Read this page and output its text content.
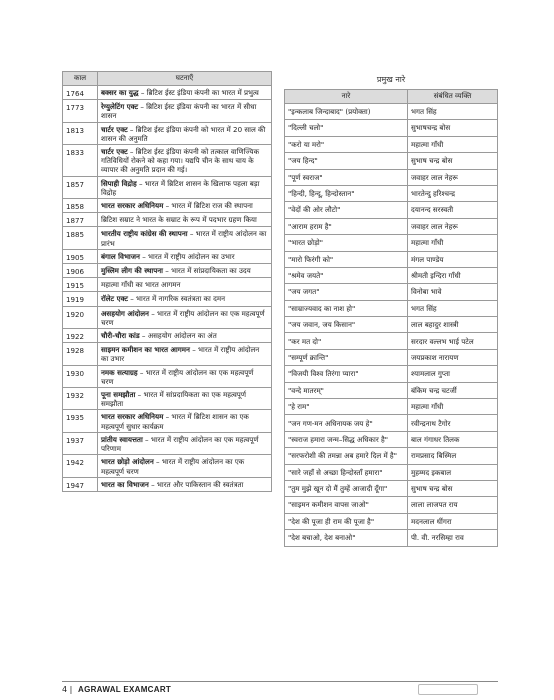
काल	घटनाएँ
1764	बक्सर का युद्ध – ब्रिटिश ईस्ट इंडिया कंपनी का भारत में प्रभुत्व
1773	रेग्युलेटिंग एक्ट – ब्रिटिश ईस्ट इंडिया कंपनी का भारत में सीधा शासन
1813	चार्टर एक्ट – ब्रिटिश ईस्ट इंडिया कंपनी को भारत में 20 साल की शासन की अनुमति
1833	चार्टर एक्ट – ब्रिटिश ईस्ट इंडिया कंपनी को तत्काल वाणिज्यिक गतिविधियों रोकने को कहा गया। यद्यपि चीन के साथ चाय के व्यापार की अनुमति प्रदान की गई।
1857	सिपाही विद्रोह – भारत में ब्रिटिश शासन के खिलाफ पहला बड़ा विद्रोह
1858	भारत सरकार अधिनियम – भारत में ब्रिटिश राज की स्थापना
1877	ब्रिटिश सम्राट ने भारत के सम्राट के रूप में पदभार ग्रहण किया
1885	भारतीय राष्ट्रीय कांग्रेस की स्थापना – भारत में राष्ट्रीय आंदोलन का प्रारंभ
1905	बंगाल विभाजन – भारत में राष्ट्रीय आंदोलन का उभार
1906	मुस्लिम लीग की स्थापना – भारत में सांप्रदायिकता का उदय
1915	महात्मा गाँधी का भारत आगमन
1919	रॉलेट एक्ट – भारत में नागरिक स्वतंत्रता का दमन
1920	असहयोग आंदोलन – भारत में राष्ट्रीय आंदोलन का एक महत्वपूर्ण चरण
1922	चौरी-चौरा कांड – असहयोग आंदोलन का अंत
1928	साइमन कमीशन का भारत आगमन – भारत में राष्ट्रीय आंदोलन का उभार
1930	नमक सत्याग्रह – भारत में राष्ट्रीय आंदोलन का एक महत्वपूर्ण चरण
1932	पूना समझौता – भारत में सांप्रदायिकता का एक महत्वपूर्ण समझौता
1935	भारत सरकार अधिनियम – भारत में ब्रिटिश शासन का एक महत्वपूर्ण सुधार कार्यक्रम
1937	प्रांतीय स्वायत्तता – भारत में राष्ट्रीय आंदोलन का एक महत्वपूर्ण परिणाम
1942	भारत छोड़ो आंदोलन – भारत में राष्ट्रीय आंदोलन का एक महत्वपूर्ण चरण
1947	भारत का विभाजन – भारत और पाकिस्तान की स्वतंत्रता
प्रमुख नारे
नारे	संबंधित व्यक्ति
"इन्कलाब जिन्दाबाद" (प्रयोक्ता)	भगत सिंह
"दिल्ली चलो"	सुभाषचन्द्र बोस
"करो या मरो"	महात्मा गाँधी
"जय हिन्द"	सुभाष चन्द्र बोस
"पूर्ण स्वराज"	जवाहर लाल नेहरू
"हिन्दी, हिन्दू, हिन्दोस्तान"	भारतेन्दु हरिश्चन्द्र
"वेदों की ओर लौटो"	दयानन्द सरस्वती
"आराम हराम है"	जवाहर लाल नेहरू
"भारत छोड़ो"	महात्मा गाँधी
"मारो फिरंगी को"	मंगल पाण्डेय
"श्रमेव जयते"	श्रीमती इन्दिरा गाँधी
"जय जगत"	विनोबा भावे
"साम्राज्यवाद का नाश हो"	भगत सिंह
"जय जवान, जय किसान"	लाल बहादुर शास्त्री
"कर मत दो"	सरदार वल्लभ भाई पटेल
"सम्पूर्ण क्रान्ति"	जयप्रकाश नारायण
"विजयी विश्व तिरंगा प्यारा"	श्यामलाल गुप्ता
"वन्दे मातरम्"	बंकिम चन्द्र चटर्जी
"हे राम"	महात्मा गाँधी
"जन गण-मन अधिनायक जय हे"	रवीन्द्रनाथ टैगोर
"स्वराज हमारा जन्म–सिद्ध अधिकार है"	बाल गंगाधर तिलक
"सरफरोशी की तमन्ना अब हमारे दिल में है"	रामप्रसाद बिस्मिल
"सारे जहाँ से अच्छा हिन्दोस्ताँ हमारा"	मुहम्मद इकबाल
"तुम मुझे खून दो मैं तुम्हें आजादी दूँगा"	सुभाष चन्द्र बोस
"साइमन कमीशन वापस जाओ"	लाला लाजपत राय
"देश की पूजा ही राम की पूजा है"	मदनलाल धींगरा
"देश बचाओ, देश बनाओ"	पी. वी. नरसिम्हा राव
4 | AGRAWAL EXAMCART
